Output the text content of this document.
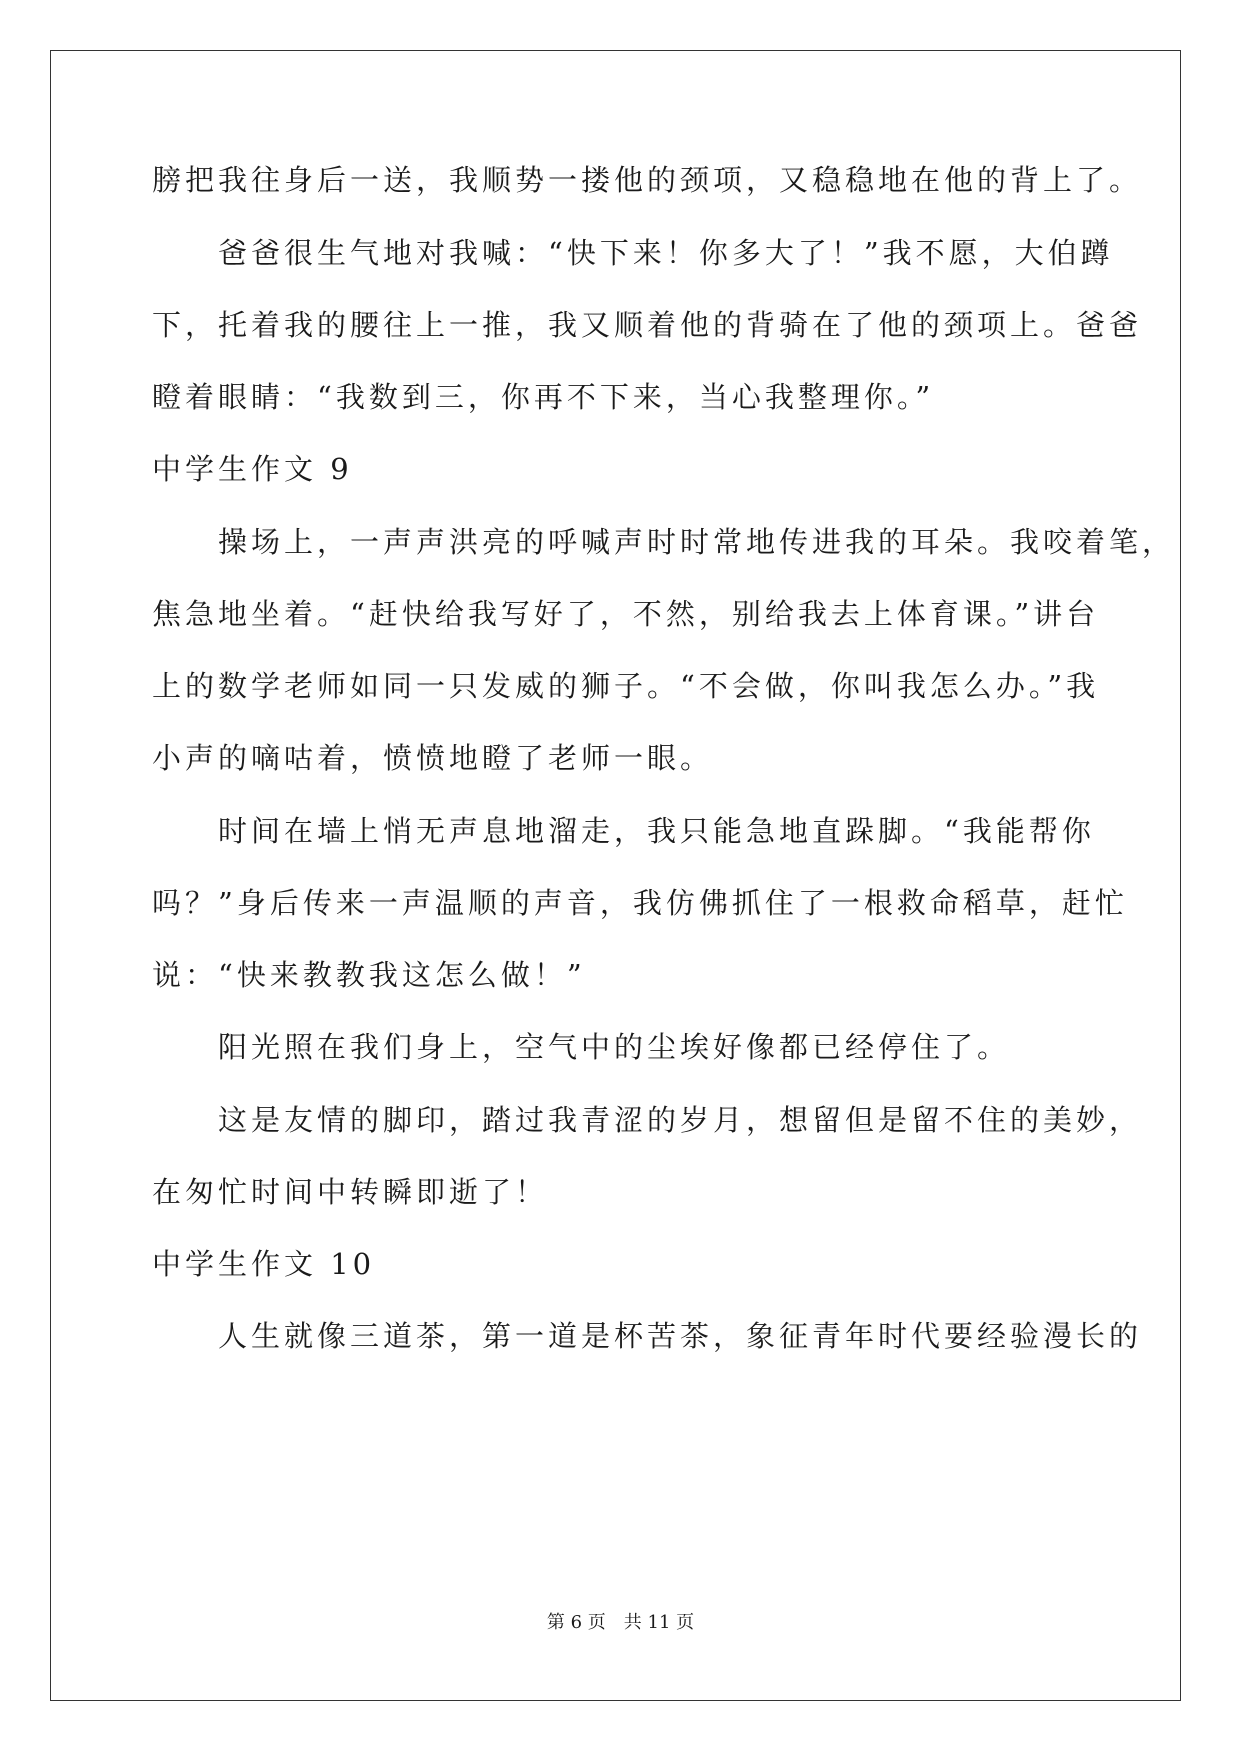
膀把我往身后一送，我顺势一搂他的颈项，又稳稳地在他的背上了。
　　爸爸很生气地对我喊：“快下来！你多大了！”我不愿，大伯蹲
下，托着我的腰往上一推，我又顺着他的背骑在了他的颈项上。爸爸
瞪着眼睛：“我数到三，你再不下来，当心我整理你。”
中学生作文 9
　　操场上，一声声洪亮的呼喊声时时常地传进我的耳朵。我咬着笔，
焦急地坐着。“赶快给我写好了，不然，别给我去上体育课。”讲台
上的数学老师如同一只发威的狮子。“不会做，你叫我怎么办。”我
小声的嘀咕着，愤愤地瞪了老师一眼。
　　时间在墙上悄无声息地溜走，我只能急地直跺脚。“我能帮你
吗？”身后传来一声温顺的声音，我仿佛抓住了一根救命稻草，赶忙
说：“快来教教我这怎么做！”
　　阳光照在我们身上，空气中的尘埃好像都已经停住了。
　　这是友情的脚印，踏过我青涩的岁月，想留但是留不住的美妙，
在匆忙时间中转瞬即逝了！
中学生作文 10
　　人生就像三道茶，第一道是杯苦茶，象征青年时代要经验漫长的
第 6 页 共 11 页
